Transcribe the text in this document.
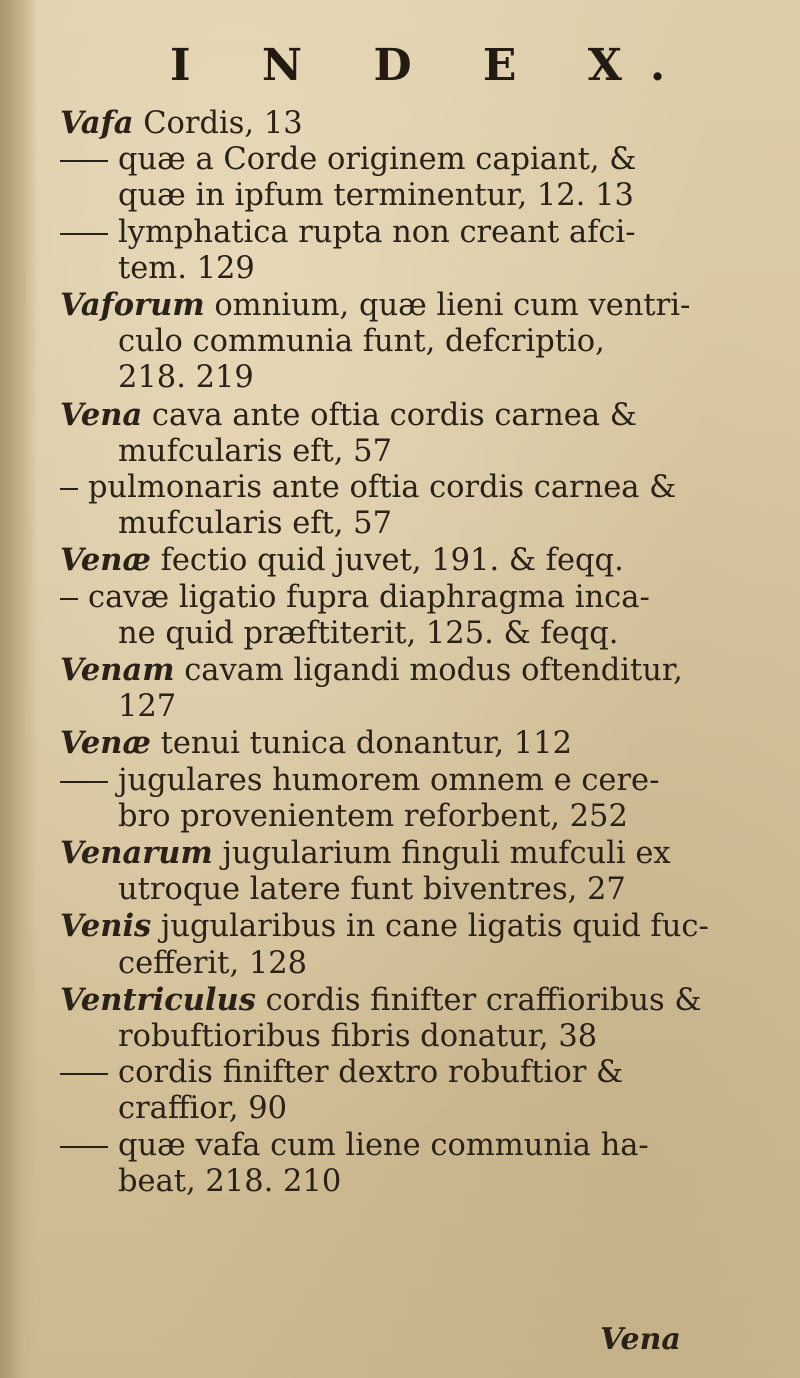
I N D E X.
Vafa Cordis, 13
quæ a Corde originem capiant, &
quæ in ipfum terminentur, 12. 13
lymphatica rupta non creant afci-
tem. 129
Vaforum omnium, quæ lieni cum ventri-
culo communia funt, defcriptio,
218. 219
Vena cava ante oftia cordis carnea &
mufcularis eft, 57
pulmonaris ante oftia cordis carnea &
mufcularis eft, 57
Venæ fectio quid juvet, 191. & feqq.
cavæ ligatio fupra diaphragma inca-
ne quid præftiterit, 125. & feqq.
Venam cavam ligandi modus oftenditur,
127
Venæ tenui tunica donantur, 112
jugulares humorem omnem e cere-
bro provenientem reforbent, 252
Venarum jugularium finguli mufculi ex
utroque latere funt biventres, 27
Venis jugularibus in cane ligatis quid fuc-
cefferit, 128
Ventriculus cordis finifter craffioribus &
robuftioribus fibris donatur, 38
cordis finifter dextro robuftior &
craffior, 90
quæ vafa cum liene communia ha-
beat, 218. 210
Vena
